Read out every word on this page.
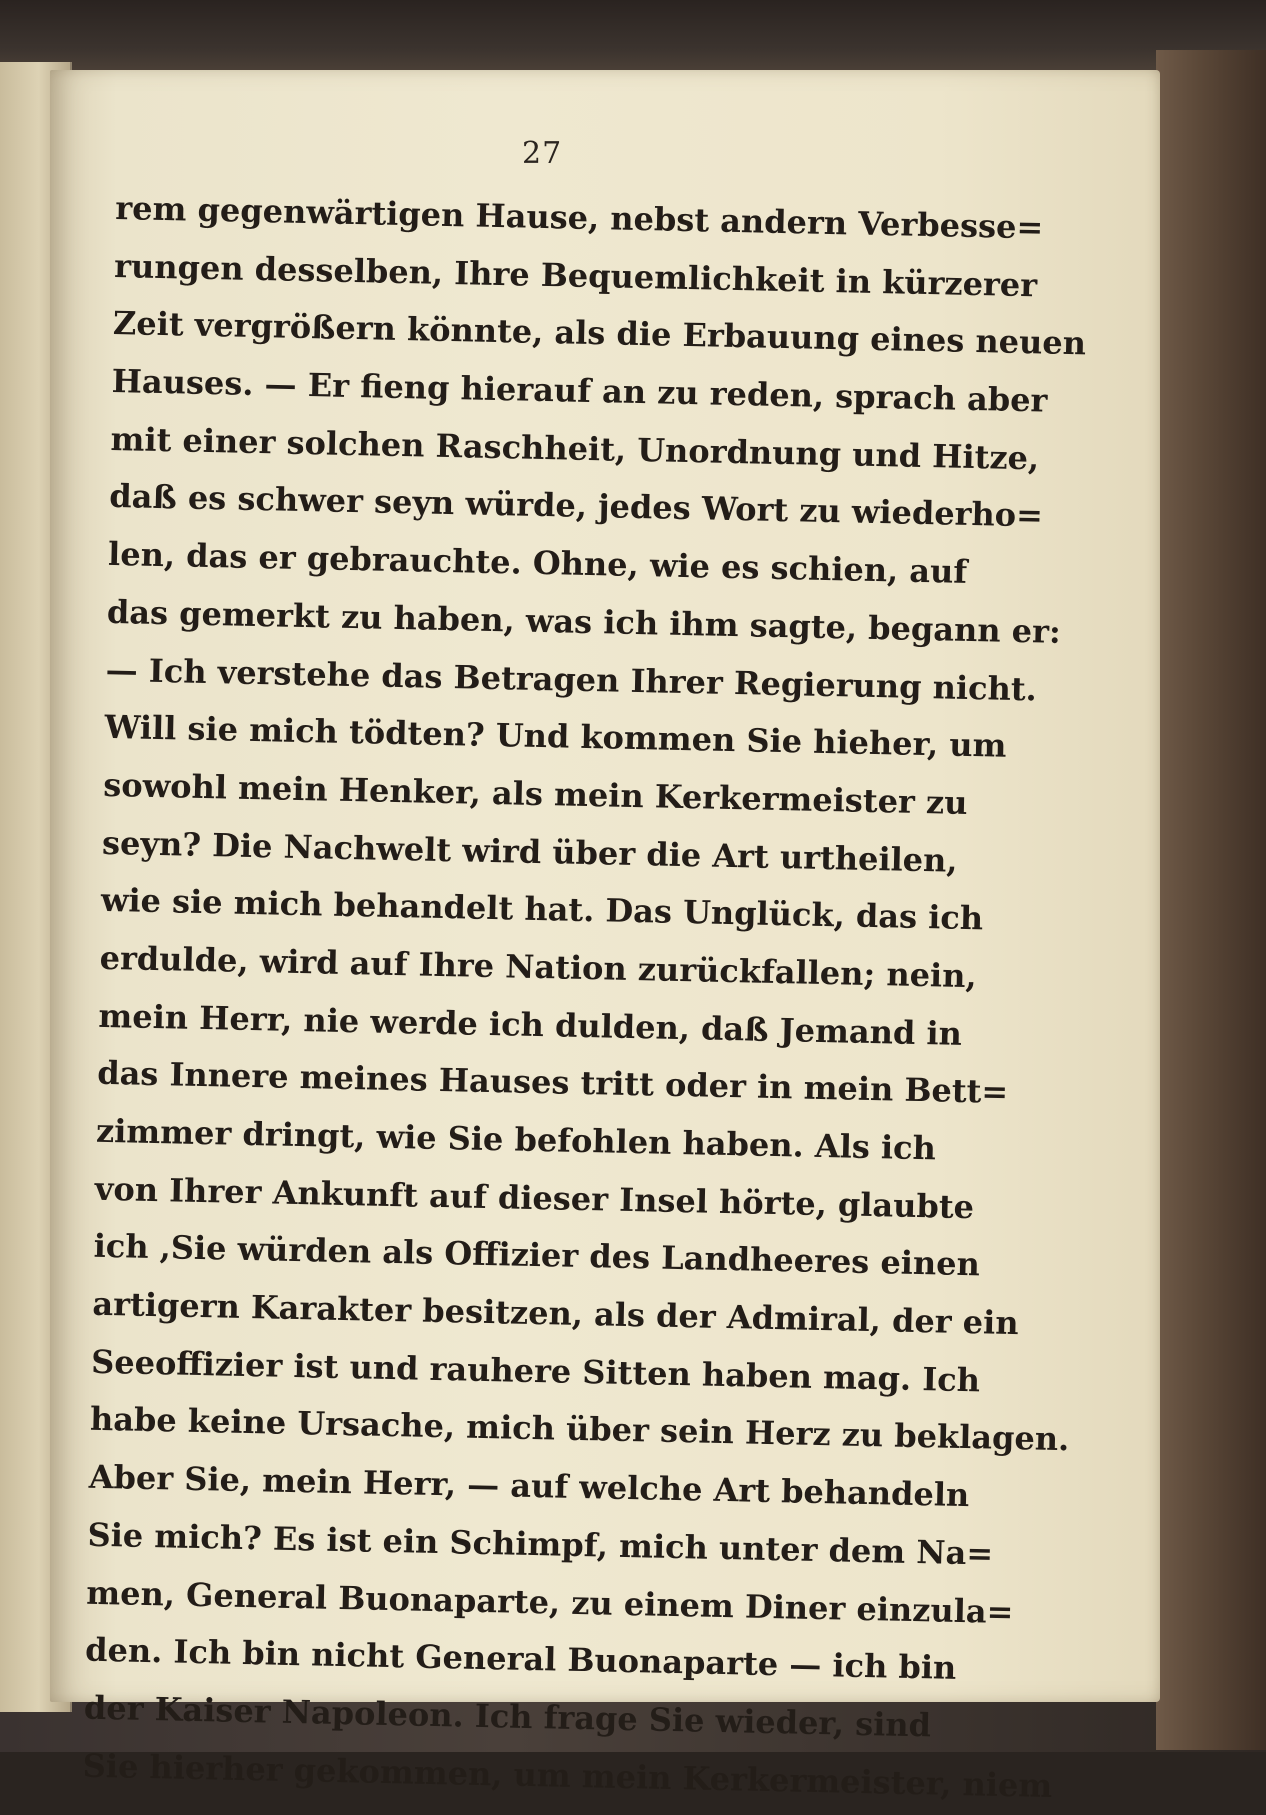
27
rem gegenwärtigen Hause, nebst andern Verbesse=
rungen desselben, Ihre Bequemlichkeit in kürzerer
Zeit vergrößern könnte, als die Erbauung eines neuen
Hauses. — Er fieng hierauf an zu reden, sprach aber
mit einer solchen Raschheit, Unordnung und Hitze,
daß es schwer seyn würde, jedes Wort zu wiederho=
len, das er gebrauchte. Ohne, wie es schien, auf
das gemerkt zu haben, was ich ihm sagte, begann er:
— Ich verstehe das Betragen Ihrer Regierung nicht.
Will sie mich tödten? Und kommen Sie hieher, um
sowohl mein Henker, als mein Kerkermeister zu
seyn? Die Nachwelt wird über die Art urtheilen,
wie sie mich behandelt hat. Das Unglück, das ich
erdulde, wird auf Ihre Nation zurückfallen; nein,
mein Herr, nie werde ich dulden, daß Jemand in
das Innere meines Hauses tritt oder in mein Bett=
zimmer dringt, wie Sie befohlen haben. Als ich
von Ihrer Ankunft auf dieser Insel hörte, glaubte
ich ,Sie würden als Offizier des Landheeres einen
artigern Karakter besitzen, als der Admiral, der ein
Seeoffizier ist und rauhere Sitten haben mag. Ich
habe keine Ursache, mich über sein Herz zu beklagen.
Aber Sie, mein Herr, — auf welche Art behandeln
Sie mich? Es ist ein Schimpf, mich unter dem Na=
men, General Buonaparte, zu einem Diner einzula=
den. Ich bin nicht General Buonaparte — ich bin
der Kaiser Napoleon. Ich frage Sie wieder, sind
Sie hierher gekommen, um mein Kerkermeister, niem
